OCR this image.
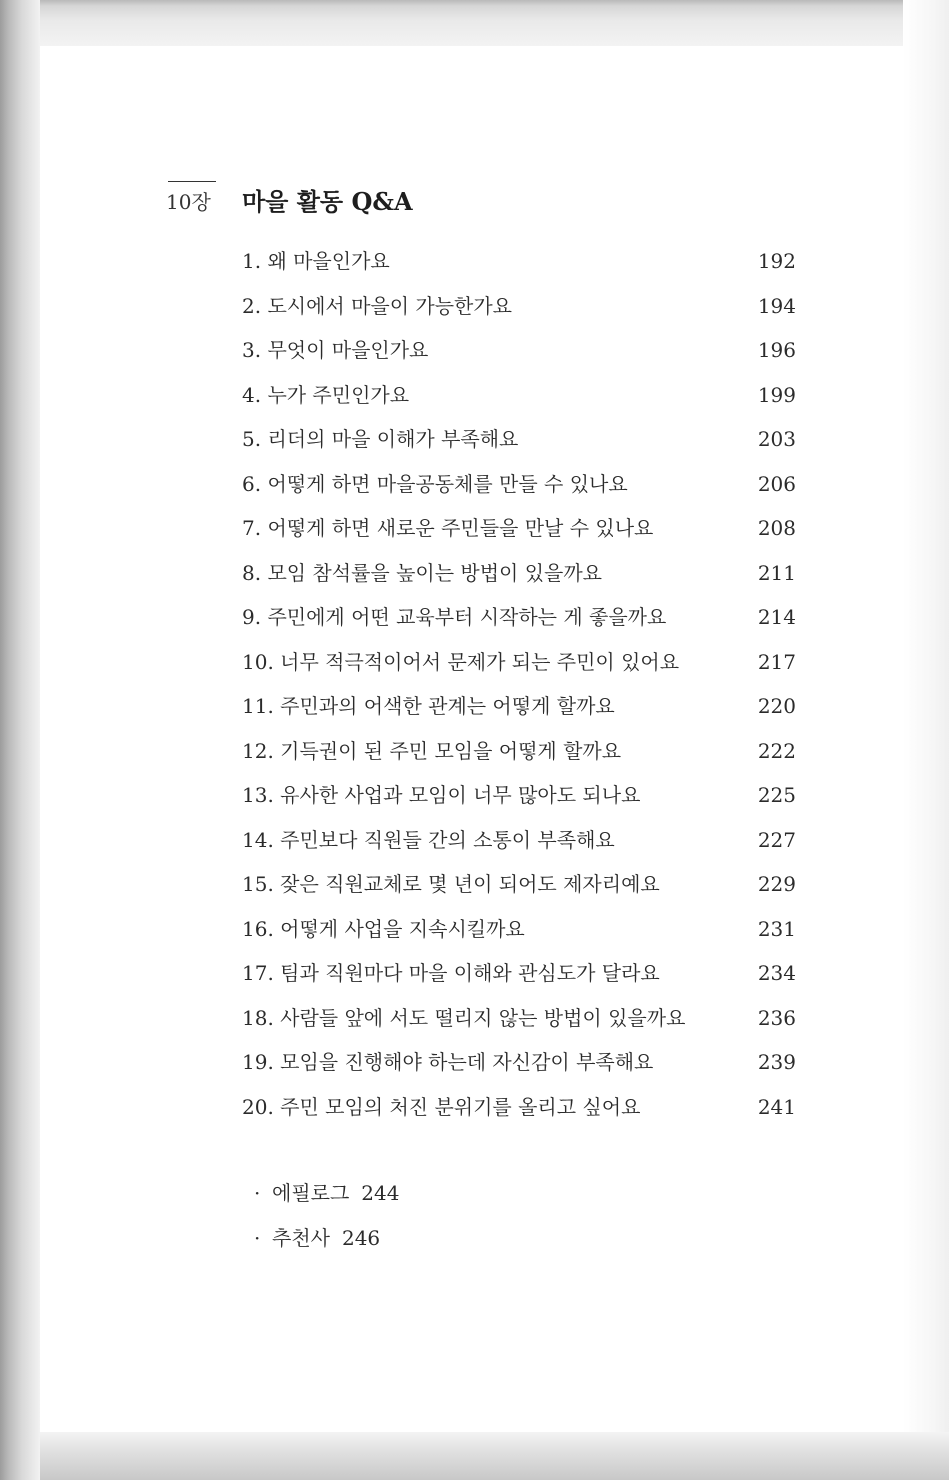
10장 마을 활동 Q&A
1. 왜 마을인가요	192
2. 도시에서 마을이 가능한가요	194
3. 무엇이 마을인가요	196
4. 누가 주민인가요	199
5. 리더의 마을 이해가 부족해요	203
6. 어떻게 하면 마을공동체를 만들 수 있나요	206
7. 어떻게 하면 새로운 주민들을 만날 수 있나요	208
8. 모임 참석률을 높이는 방법이 있을까요	211
9. 주민에게 어떤 교육부터 시작하는 게 좋을까요	214
10. 너무 적극적이어서 문제가 되는 주민이 있어요	217
11. 주민과의 어색한 관계는 어떻게 할까요	220
12. 기득권이 된 주민 모임을 어떻게 할까요	222
13. 유사한 사업과 모임이 너무 많아도 되나요	225
14. 주민보다 직원들 간의 소통이 부족해요	227
15. 잦은 직원교체로 몇 년이 되어도 제자리예요	229
16. 어떻게 사업을 지속시킬까요	231
17. 팀과 직원마다 마을 이해와 관심도가 달라요	234
18. 사람들 앞에 서도 떨리지 않는 방법이 있을까요	236
19. 모임을 진행해야 하는데 자신감이 부족해요	239
20. 주민 모임의 처진 분위기를 올리고 싶어요	241
· 에필로그 244
· 추천사 246
